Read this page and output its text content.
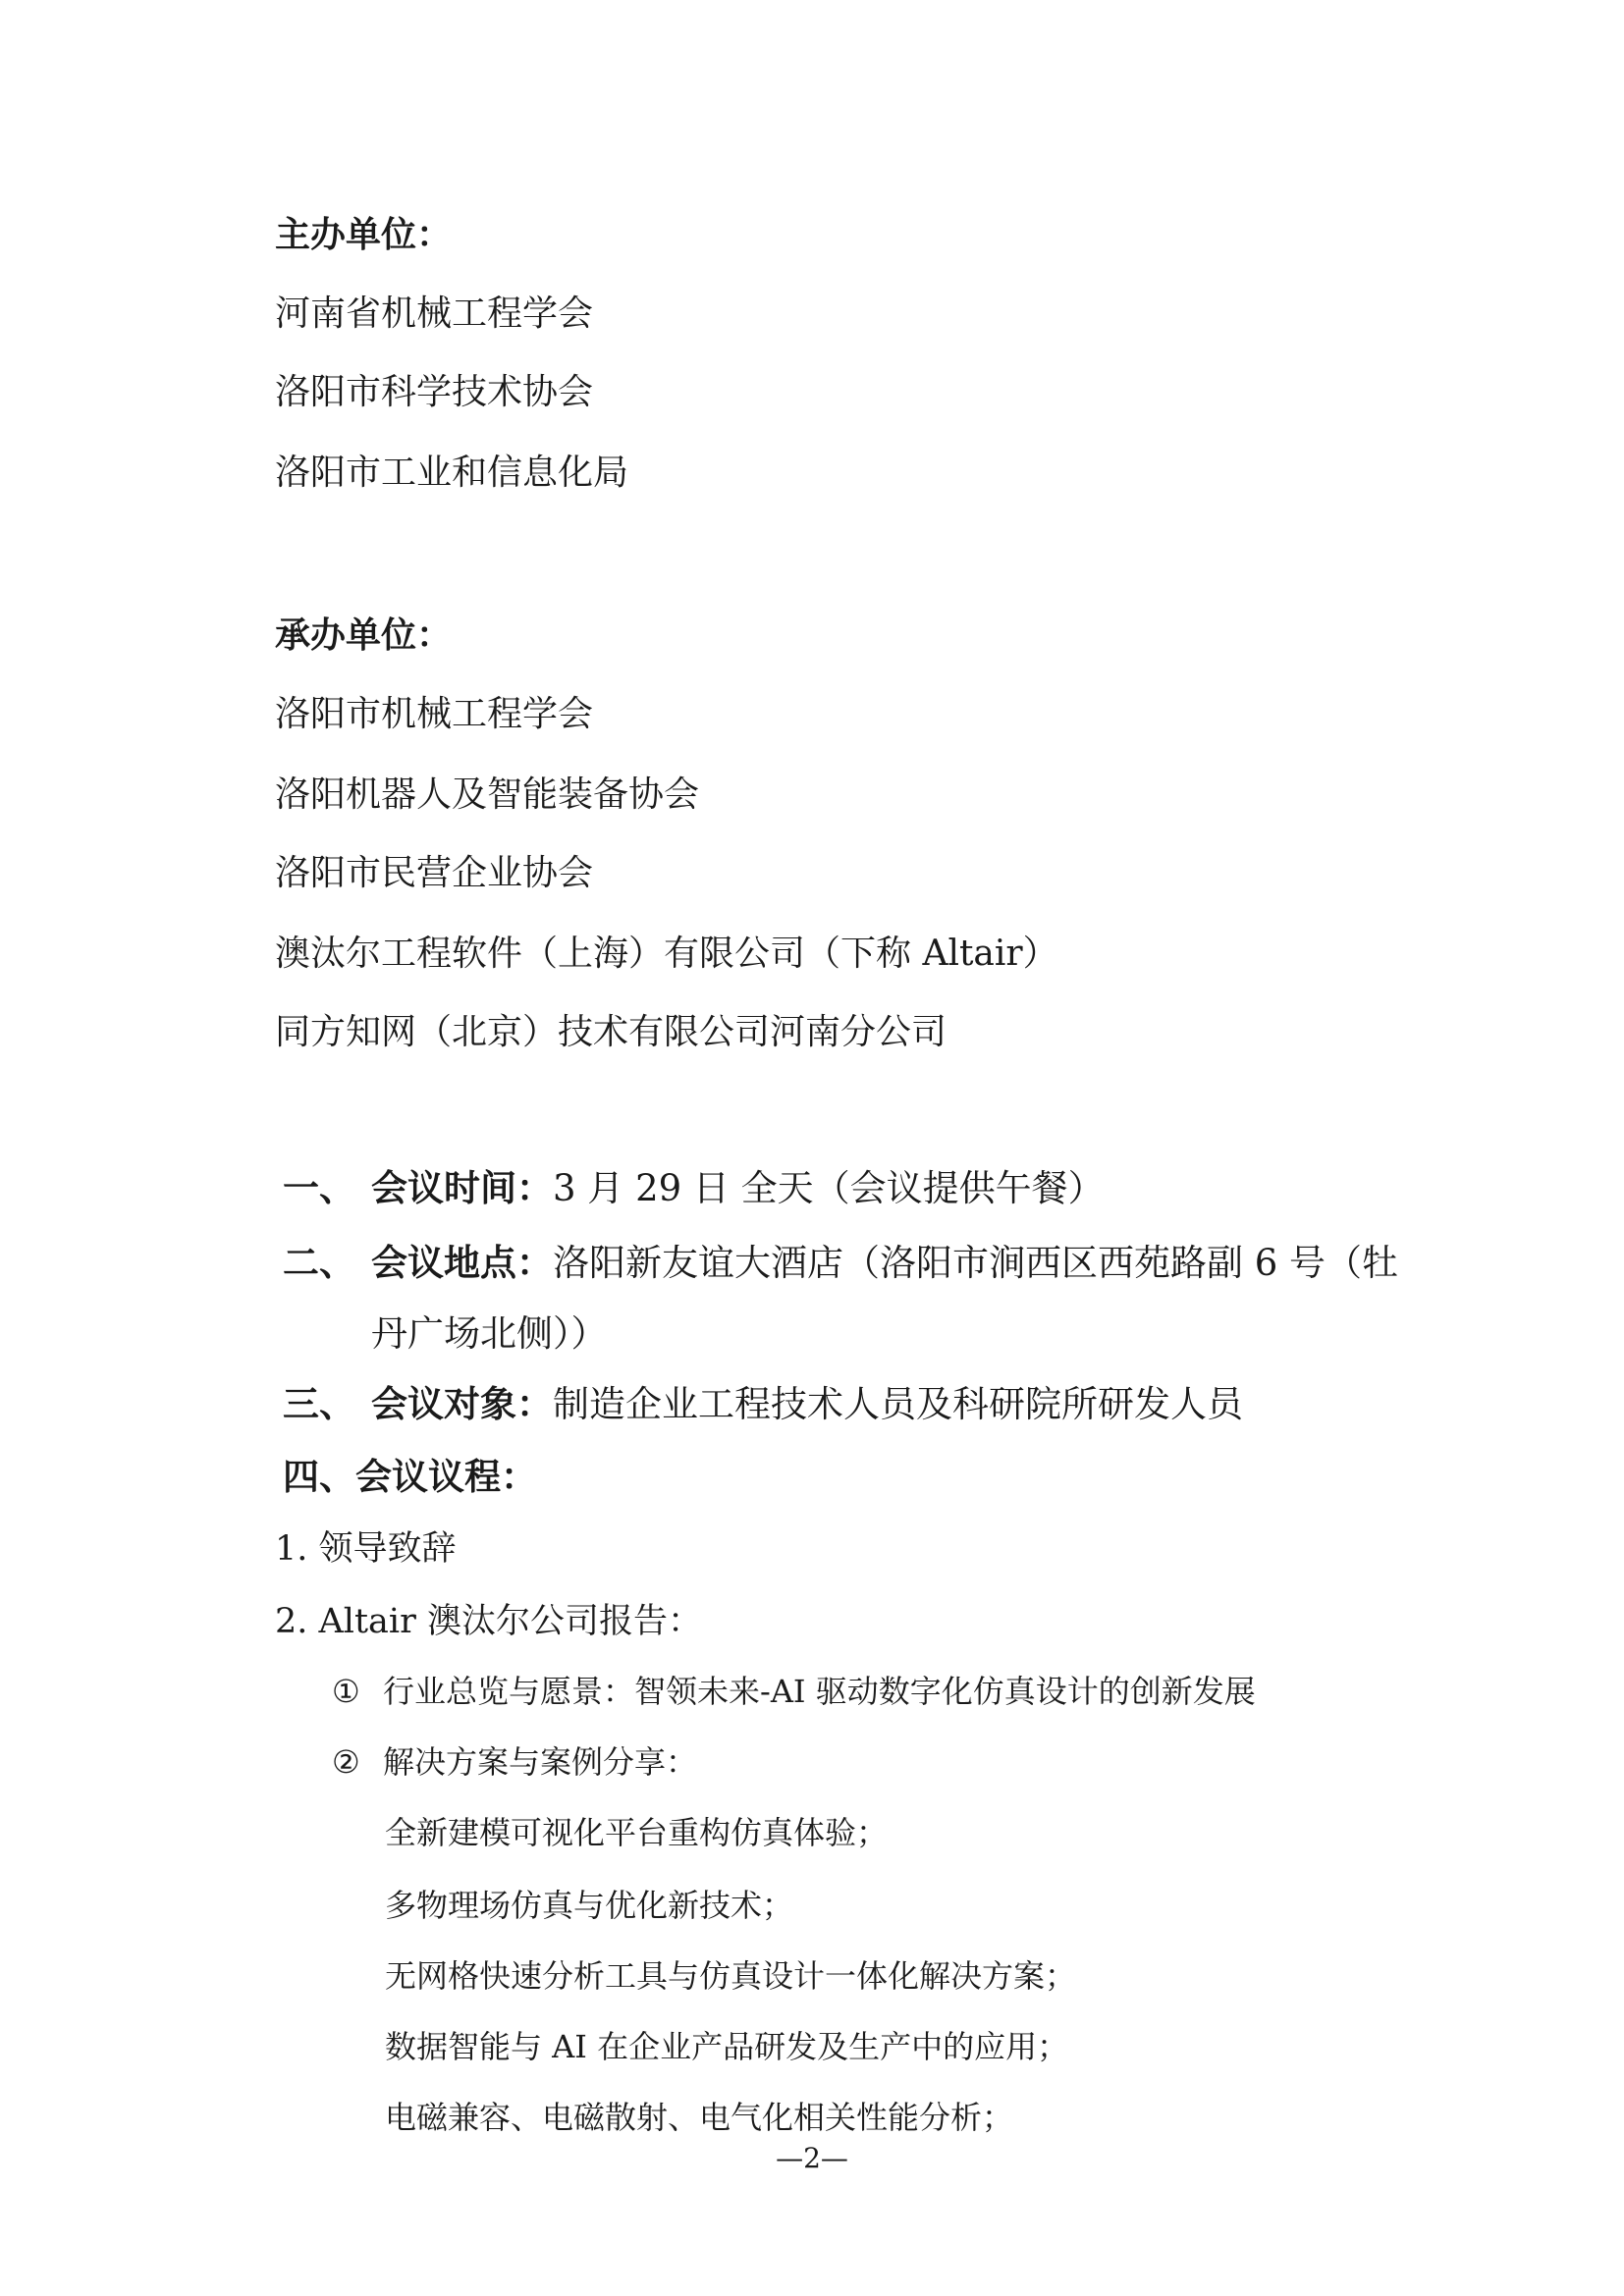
主办单位：
河南省机械工程学会
洛阳市科学技术协会
洛阳市工业和信息化局
承办单位：
洛阳市机械工程学会
洛阳机器人及智能装备协会
洛阳市民营企业协会
澳汰尔工程软件（上海）有限公司（下称 Altair）
同方知网（北京）技术有限公司河南分公司
一、 会议时间：3 月 29 日 全天（会议提供午餐）
二、 会议地点：洛阳新友谊大酒店（洛阳市涧西区西苑路副 6 号（牡
丹广场北侧））
三、 会议对象：制造企业工程技术人员及科研院所研发人员
四、会议议程：
1. 领导致辞
2. Altair 澳汰尔公司报告：
① 行业总览与愿景：智领未来-AI 驱动数字化仿真设计的创新发展
② 解决方案与案例分享：
全新建模可视化平台重构仿真体验；
多物理场仿真与优化新技术；
无网格快速分析工具与仿真设计一体化解决方案；
数据智能与 AI 在企业产品研发及生产中的应用；
电磁兼容、电磁散射、电气化相关性能分析；
—2—
